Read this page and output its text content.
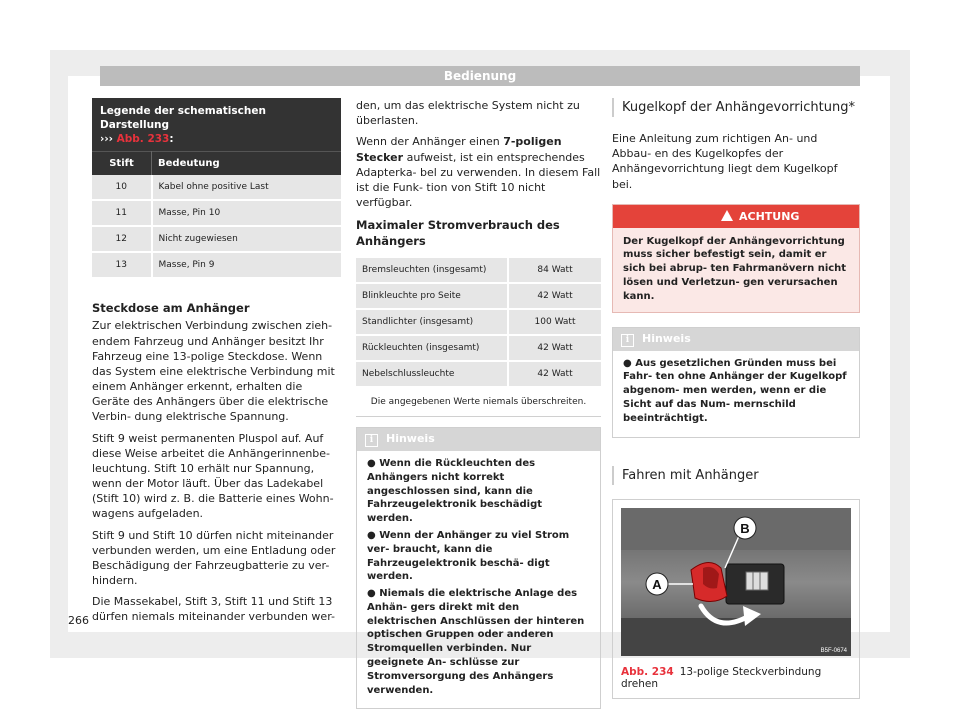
Bedienung
Legende der schematischen Darstellung
››› Abb. 233:
Stift	Bedeutung
10	Kabel ohne positive Last
11	Masse, Pin 10
12	Nicht zugewiesen
13	Masse, Pin 9
Steckdose am Anhänger

Zur elektrischen Verbindung zwischen zieh- endem Fahrzeug und Anhänger besitzt Ihr Fahrzeug eine 13-polige Steckdose. Wenn das System eine elektrische Verbindung mit einem Anhänger erkennt, erhalten die Geräte des Anhängers über die elektrische Verbin- dung elektrische Spannung.

Stift 9 weist permanenten Pluspol auf. Auf diese Weise arbeitet die Anhängerinnenbe- leuchtung. Stift 10 erhält nur Spannung, wenn der Motor läuft. Über das Ladekabel (Stift 10) wird z. B. die Batterie eines Wohn- wagens aufgeladen.

Stift 9 und Stift 10 dürfen nicht miteinander verbunden werden, um eine Entladung oder Beschädigung der Fahrzeugbatterie zu ver- hindern.

Die Massekabel, Stift 3, Stift 11 und Stift 13 dürfen niemals miteinander verbunden wer-

den, um das elektrische System nicht zu überlasten.

Wenn der Anhänger einen 7-poligen Stecker aufweist, ist ein entsprechendes Adapterka- bel zu verwenden. In diesem Fall ist die Funk- tion von Stift 10 nicht verfügbar.

Maximaler Stromverbrauch des Anhängers
Bremsleuchten (insgesamt)	84 Watt
Blinkleuchte pro Seite	42 Watt
Standlichter (insgesamt)	100 Watt
Rückleuchten (insgesamt)	42 Watt
Nebelschlussleuchte	42 Watt
Die angegebenen Werte niemals überschreiten.
i Hinweis
● Wenn die Rückleuchten des Anhängers nicht korrekt angeschlossen sind, kann die Fahrzeugelektronik beschädigt werden.
● Wenn der Anhänger zu viel Strom ver- braucht, kann die Fahrzeugelektronik beschä- digt werden.
● Niemals die elektrische Anlage des Anhän- gers direkt mit den elektrischen Anschlüssen der hinteren optischen Gruppen oder anderen Stromquellen verbinden. Nur geeignete An- schlüsse zur Stromversorgung des Anhängers verwenden.
Kugelkopf der Anhängevorrichtung*
Eine Anleitung zum richtigen An- und Abbau- en des Kugelkopfes der Anhängevorrichtung liegt dem Kugelkopf bei.
ACHTUNG
Der Kugelkopf der Anhängevorrichtung muss sicher befestigt sein, damit er sich bei abrup- ten Fahrmanövern nicht lösen und Verletzun- gen verursachen kann.
i Hinweis
● Aus gesetzlichen Gründen muss bei Fahr- ten ohne Anhänger der Kugelkopf abgenom- men werden, wenn er die Sicht auf das Num- mernschild beeinträchtigt.
Fahren mit Anhänger
A
B
B5F-0674
Abb. 234 13-polige Steckverbindung drehen
266
